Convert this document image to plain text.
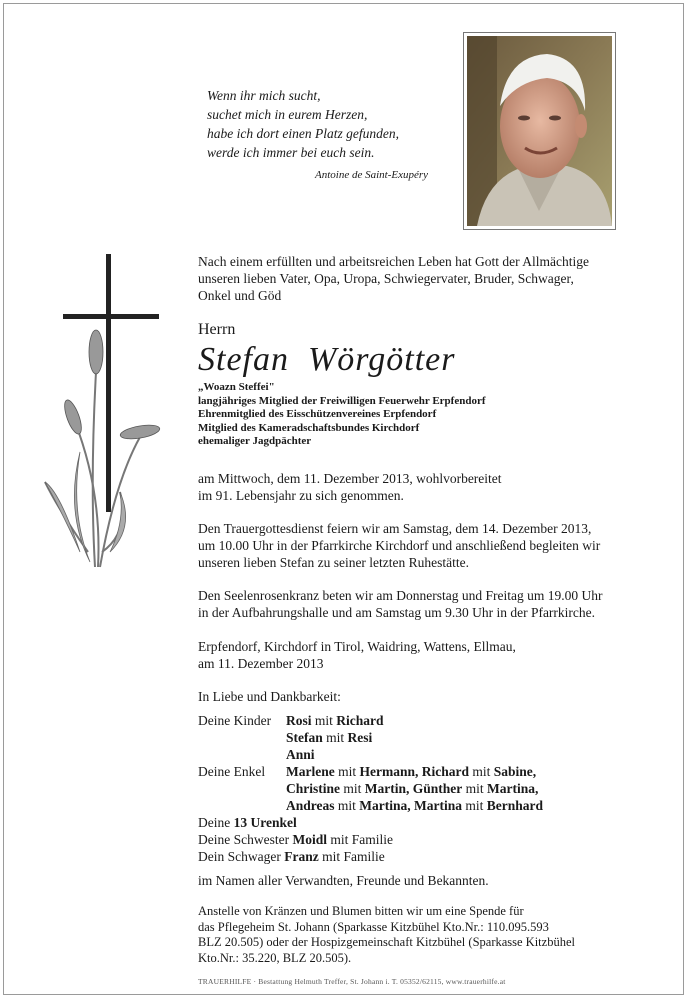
Wenn ihr mich sucht,
suchet mich in eurem Herzen,
habe ich dort einen Platz gefunden,
werde ich immer bei euch sein.
Antoine de Saint-Exupéry
Nach einem erfüllten und arbeitsreichen Leben hat Gott der Allmächtige
unseren lieben Vater, Opa, Uropa, Schwiegervater, Bruder, Schwager,
Onkel und Göd
Herrn
Stefan  Wörgötter
„Woazn Steffei"
langjähriges Mitglied der Freiwilligen Feuerwehr Erpfendorf
Ehrenmitglied des Eisschützenvereines Erpfendorf
Mitglied des Kameradschaftsbundes Kirchdorf
ehemaliger Jagdpächter
am Mittwoch, dem 11. Dezember 2013, wohlvorbereitet
im 91. Lebensjahr zu sich genommen.
Den Trauergottesdienst feiern wir am Samstag, dem 14. Dezember 2013,
um 10.00 Uhr in der Pfarrkirche Kirchdorf und anschließend begleiten wir
unseren lieben Stefan zu seiner letzten Ruhestätte.
Den Seelenrosenkranz beten wir am Donnerstag und Freitag um 19.00 Uhr
in der Aufbahrungshalle und am Samstag um 9.30 Uhr in der Pfarrkirche.
Erpfendorf, Kirchdorf in Tirol, Waidring, Wattens, Ellmau,
am 11. Dezember 2013
In Liebe und Dankbarkeit:
Deine Kinder	Rosi mit Richard
Stefan mit Resi
Anni
Deine Enkel	Marlene mit Hermann, Richard mit Sabine,
Christine mit Martin, Günther mit Martina,
Andreas mit Martina, Martina mit Bernhard
Deine 13 Urenkel
Deine Schwester Moidl mit Familie
Dein Schwager Franz mit Familie
im Namen aller Verwandten, Freunde und Bekannten.
Anstelle von Kränzen und Blumen bitten wir um eine Spende für
das Pflegeheim St. Johann (Sparkasse Kitzbühel Kto.Nr.: 110.095.593
BLZ 20.505) oder der Hospizgemeinschaft Kitzbühel (Sparkasse Kitzbühel
Kto.Nr.: 35.220, BLZ 20.505).
TRAUERHILFE · Bestattung Helmuth Treffer, St. Johann i. T. 05352/62115, www.trauerhilfe.at
